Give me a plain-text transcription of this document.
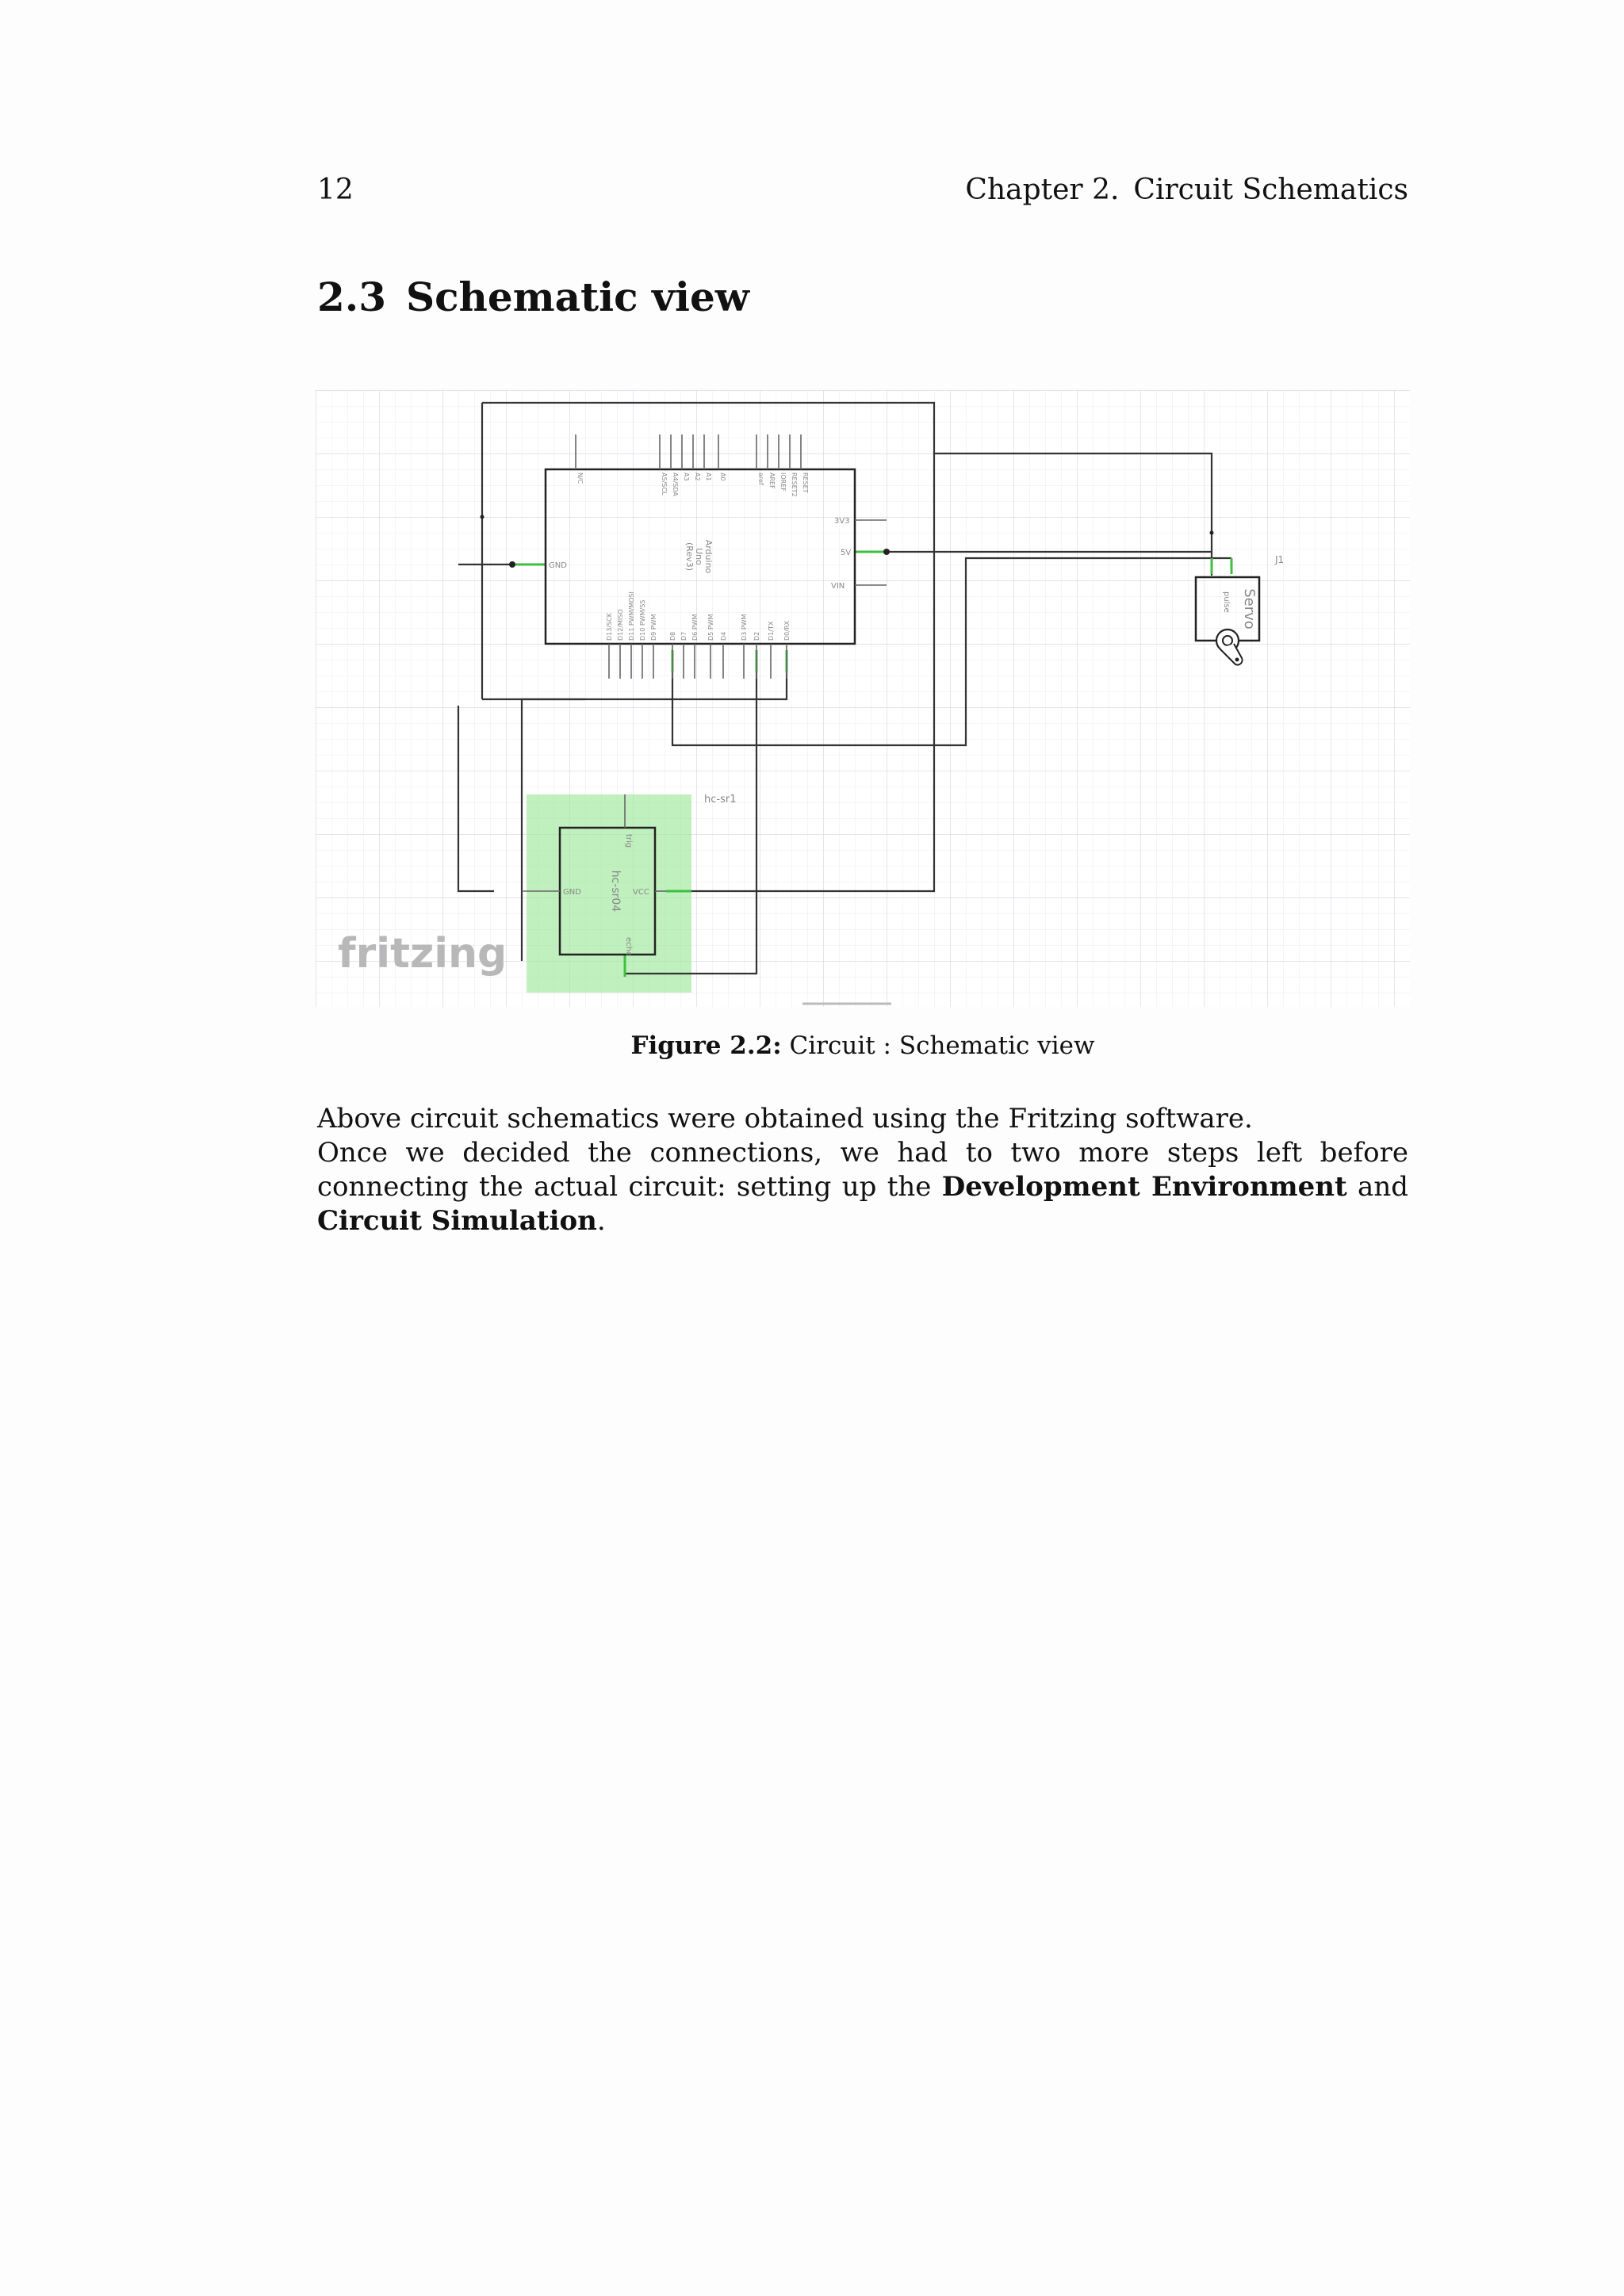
12	Chapter 2. Circuit Schematics
2.3 Schematic view
N/C	A5/SCL A4/SDA A3 A2 A1 A0	aref AREF IOREF RESET2 RESET
D13/SCK D12/MISO D11 PWM/MOSI D10 PWM/SS D9 PWM D8 D7 D6 PWM D5 PWM D4 D3 PWM D2 D1/TX D0/RX
ArduinoUno(Rev3)
Servo
J1
pulse
hc-sr04
hc-sr1
GND	VCC
trig
echo
GND
3V3
5V
VIN
fritzing
Figure 2.2: Circuit : Schematic view

Above circuit schematics were obtained using the Fritzing software.

Once we decided the connections, we had to two more steps left before connecting the actual circuit: setting up the Development Environment and Circuit Simulation.
